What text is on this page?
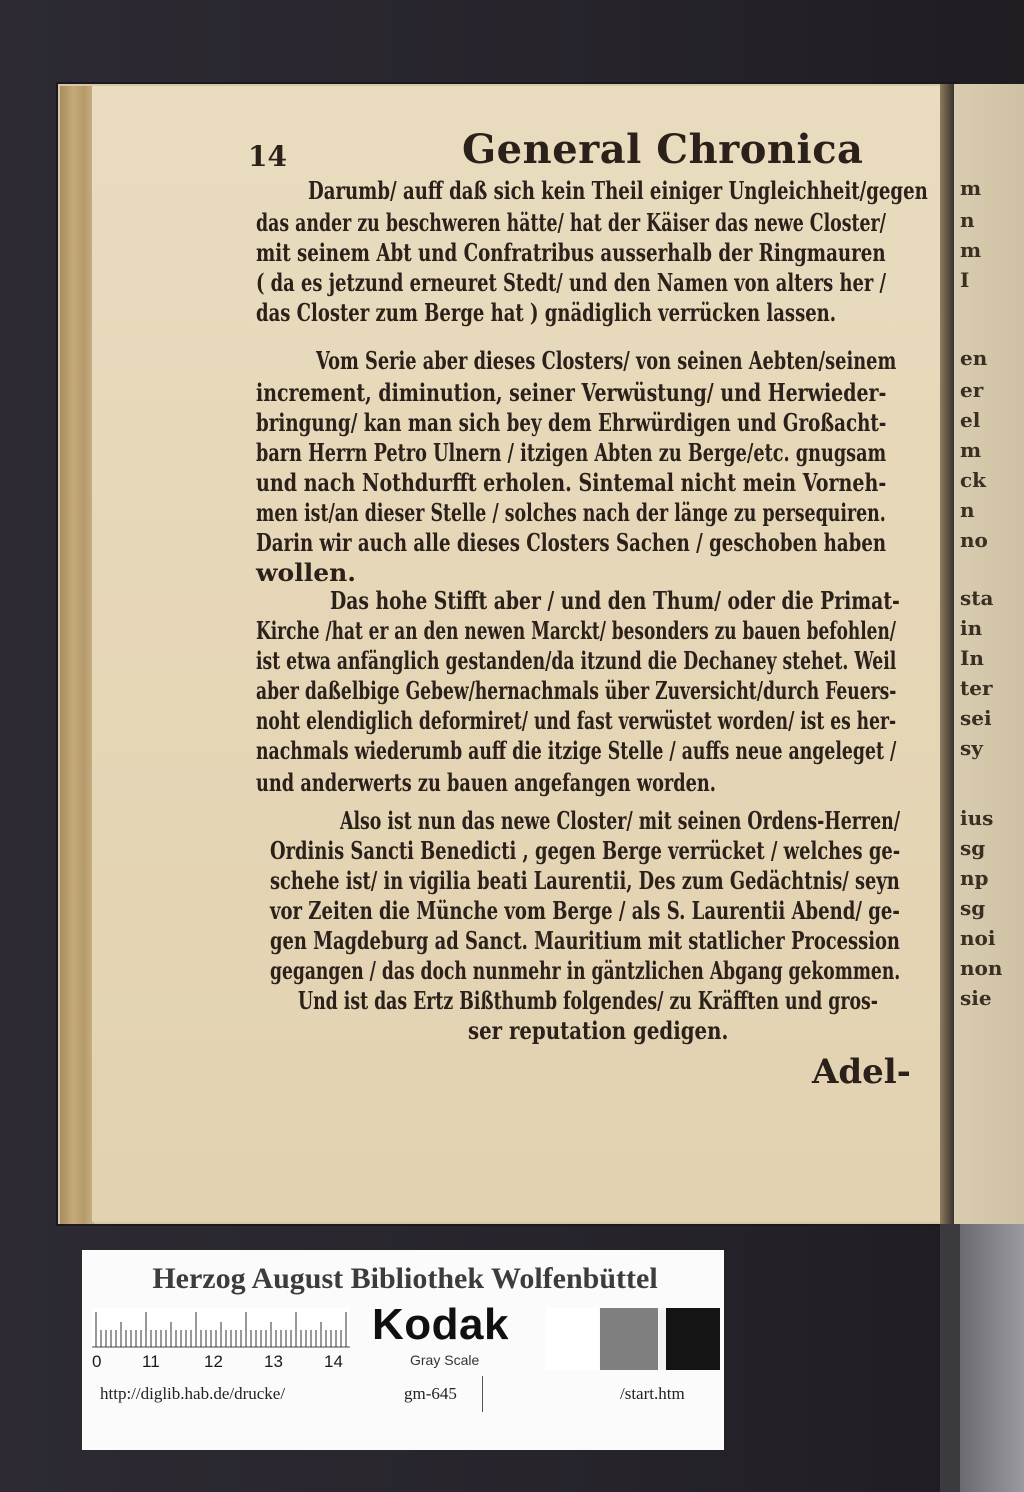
m
n
m
I
en
er
el
m
ck
n
no
sta
in
In
ter
sei
sy
ius
sg
np
sg
noi
non
sie
14	General Chronica
Darumb/ auff daß sich kein Theil einiger Ungleichheit/gegen
das ander zu beschweren hätte/ hat der Käiser das newe Closter/
mit seinem Abt und Confratribus ausserhalb der Ringmauren
( da es jetzund erneuret Stedt/ und den Namen von alters her /
das Closter zum Berge hat ) gnädiglich verrücken lassen.
Vom Serie aber dieses Closters/ von seinen Aebten/seinem
increment, diminution, seiner Verwüstung/ und Herwieder-
bringung/ kan man sich bey dem Ehrwürdigen und Großacht-
barn Herrn Petro Ulnern / itzigen Abten zu Berge/etc. gnugsam
und nach Nothdurfft erholen. Sintemal nicht mein Vorneh-
men ist/an dieser Stelle / solches nach der länge zu persequiren.
Darin wir auch alle dieses Closters Sachen / geschoben haben
wollen.
Das hohe Stifft aber / und den Thum/ oder die Primat-
Kirche /hat er an den newen Marckt/ besonders zu bauen befohlen/
ist etwa anfänglich gestanden/da itzund die Dechaney stehet. Weil
aber daßelbige Gebew/hernachmals über Zuversicht/durch Feuers-
noht elendiglich deformiret/ und fast verwüstet worden/ ist es her-
nachmals wiederumb auff die itzige Stelle / auffs neue angeleget /
und anderwerts zu bauen angefangen worden.
Also ist nun das newe Closter/ mit seinen Ordens-Herren/
Ordinis Sancti Benedicti , gegen Berge verrücket / welches ge-
schehe ist/ in vigilia beati Laurentii, Des zum Gedächtnis/ seyn
vor Zeiten die Münche vom Berge / als S. Laurentii Abend/ ge-
gen Magdeburg ad Sanct. Mauritium mit statlicher Procession
gegangen / das doch nunmehr in gäntzlichen Abgang gekommen.
Und ist das Ertz Bißthumb folgendes/ zu Kräfften und gros-
ser reputation gedigen.
Adel-
Herzog August Bibliothek Wolfenbüttel
0 11	12 13 14
Kodak
Gray Scale
http://diglib.hab.de/drucke/	gm-645	/start.htm
